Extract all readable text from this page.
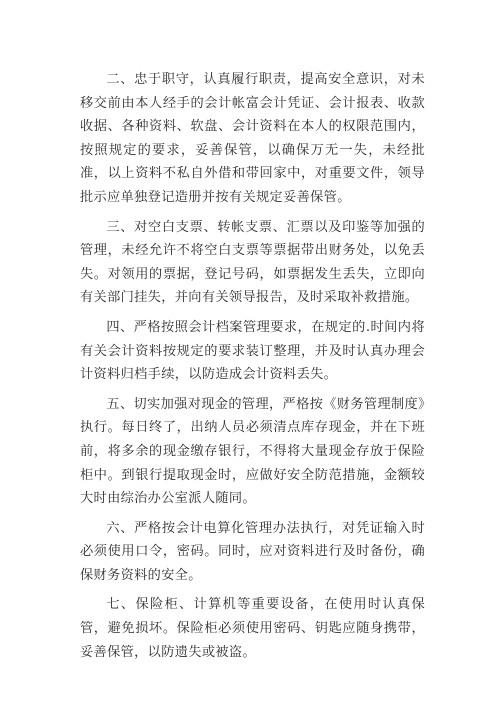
二、忠于职守，认真履行职责，提高安全意识，对未移交前由本人经手的会计帐富会计凭证、会计报表、收款收据、各种资料、软盘、会计资料在本人的权限范围内，按照规定的要求，妥善保管，以确保万无一失，未经批准，以上资料不私自外借和带回家中，对重要文件，领导批示应单独登记造册并按有关规定妥善保管。

三、对空白支票、转帐支票、汇票以及印鉴等加强的管理，未经允许不将空白支票等票据带出财务处，以免丢失。对领用的票据，登记号码，如票据发生丢失，立即向有关部门挂失，并向有关领导报告，及时采取补救措施。

四、严格按照会计档案管理要求，在规定的.时间内将有关会计资料按规定的要求装订整理，并及时认真办理会计资料归档手续，以防造成会计资料丢失。

五、切实加强对现金的管理，严格按《财务管理制度》执行。每日终了，出纳人员必须清点库存现金，并在下班前，将多余的现金缴存银行，不得将大量现金存放于保险柜中。到银行提取现金时，应做好安全防范措施，金额较大时由综治办公室派人随同。

六、严格按会计电算化管理办法执行，对凭证输入时必须使用口令，密码。同时，应对资料进行及时备份，确保财务资料的安全。

七、保险柜、计算机等重要设备，在使用时认真保管，避免损坏。保险柜必须使用密码、钥匙应随身携带，妥善保管，以防遗失或被盗。
